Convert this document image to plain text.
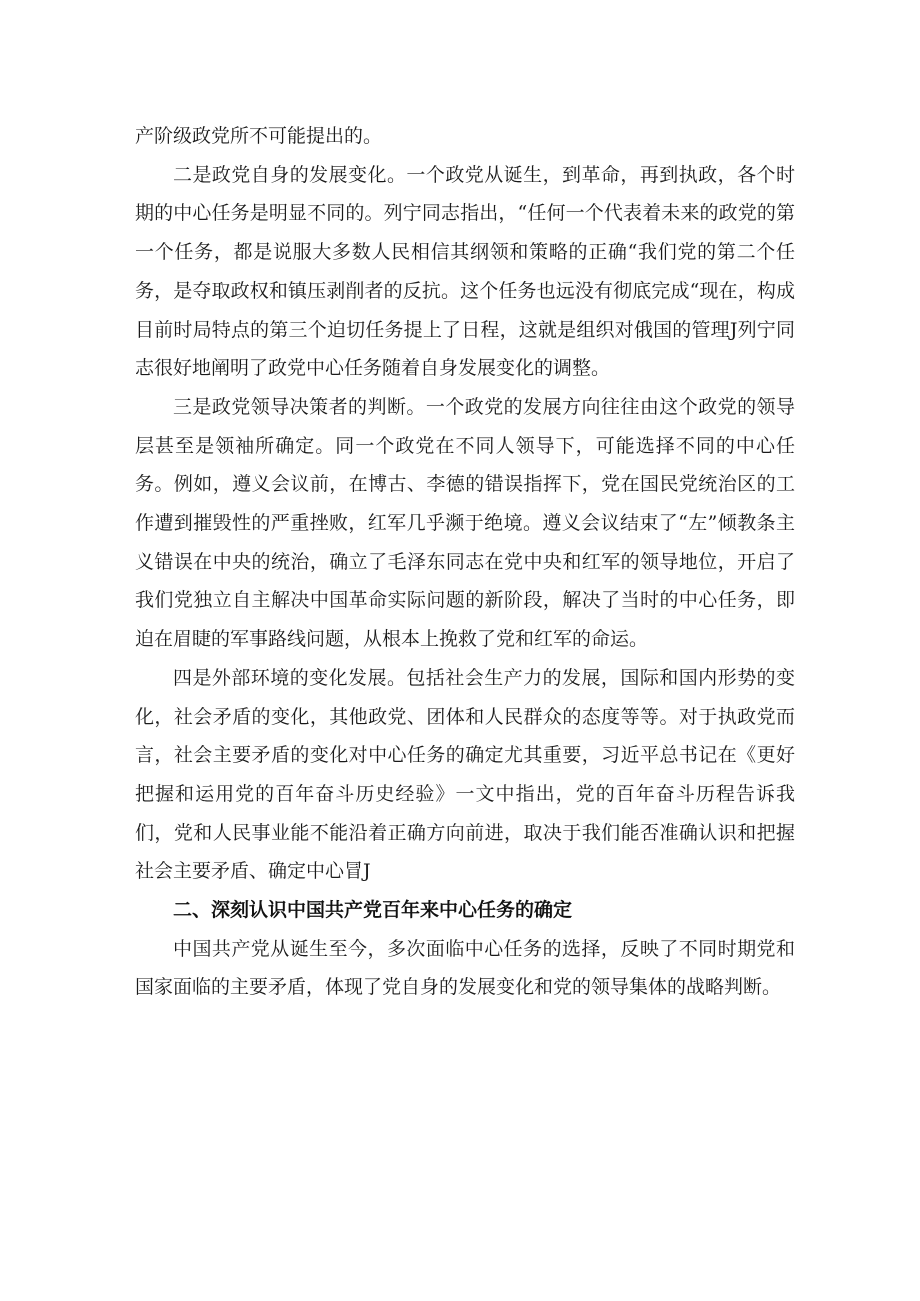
产阶级政党所不可能提出的。

二是政党自身的发展变化。一个政党从诞生，到革命，再到执政，各个时期的中心任务是明显不同的。列宁同志指出，“任何一个代表着未来的政党的第一个任务，都是说服大多数人民相信其纲领和策略的正确“我们党的第二个任务，是夺取政权和镇压剥削者的反抗。这个任务也远没有彻底完成“现在，构成目前时局特点的第三个迫切任务提上了日程，这就是组织对俄国的管理J列宁同志很好地阐明了政党中心任务随着自身发展变化的调整。

三是政党领导决策者的判断。一个政党的发展方向往往由这个政党的领导层甚至是领袖所确定。同一个政党在不同人领导下，可能选择不同的中心任务。例如，遵义会议前，在博古、李德的错误指挥下，党在国民党统治区的工作遭到摧毁性的严重挫败，红军几乎濒于绝境。遵义会议结束了“左”倾教条主义错误在中央的统治，确立了毛泽东同志在党中央和红军的领导地位，开启了我们党独立自主解决中国革命实际问题的新阶段，解决了当时的中心任务，即迫在眉睫的军事路线问题，从根本上挽救了党和红军的命运。

四是外部环境的变化发展。包括社会生产力的发展，国际和国内形势的变化，社会矛盾的变化，其他政党、团体和人民群众的态度等等。对于执政党而言，社会主要矛盾的变化对中心任务的确定尤其重要，习近平总书记在《更好把握和运用党的百年奋斗历史经验》一文中指出，党的百年奋斗历程告诉我们，党和人民事业能不能沿着正确方向前进，取决于我们能否准确认识和把握社会主要矛盾、确定中心冒J

二、深刻认识中国共产党百年来中心任务的确定

中国共产党从诞生至今，多次面临中心任务的选择，反映了不同时期党和国家面临的主要矛盾，体现了党自身的发展变化和党的领导集体的战略判断。
